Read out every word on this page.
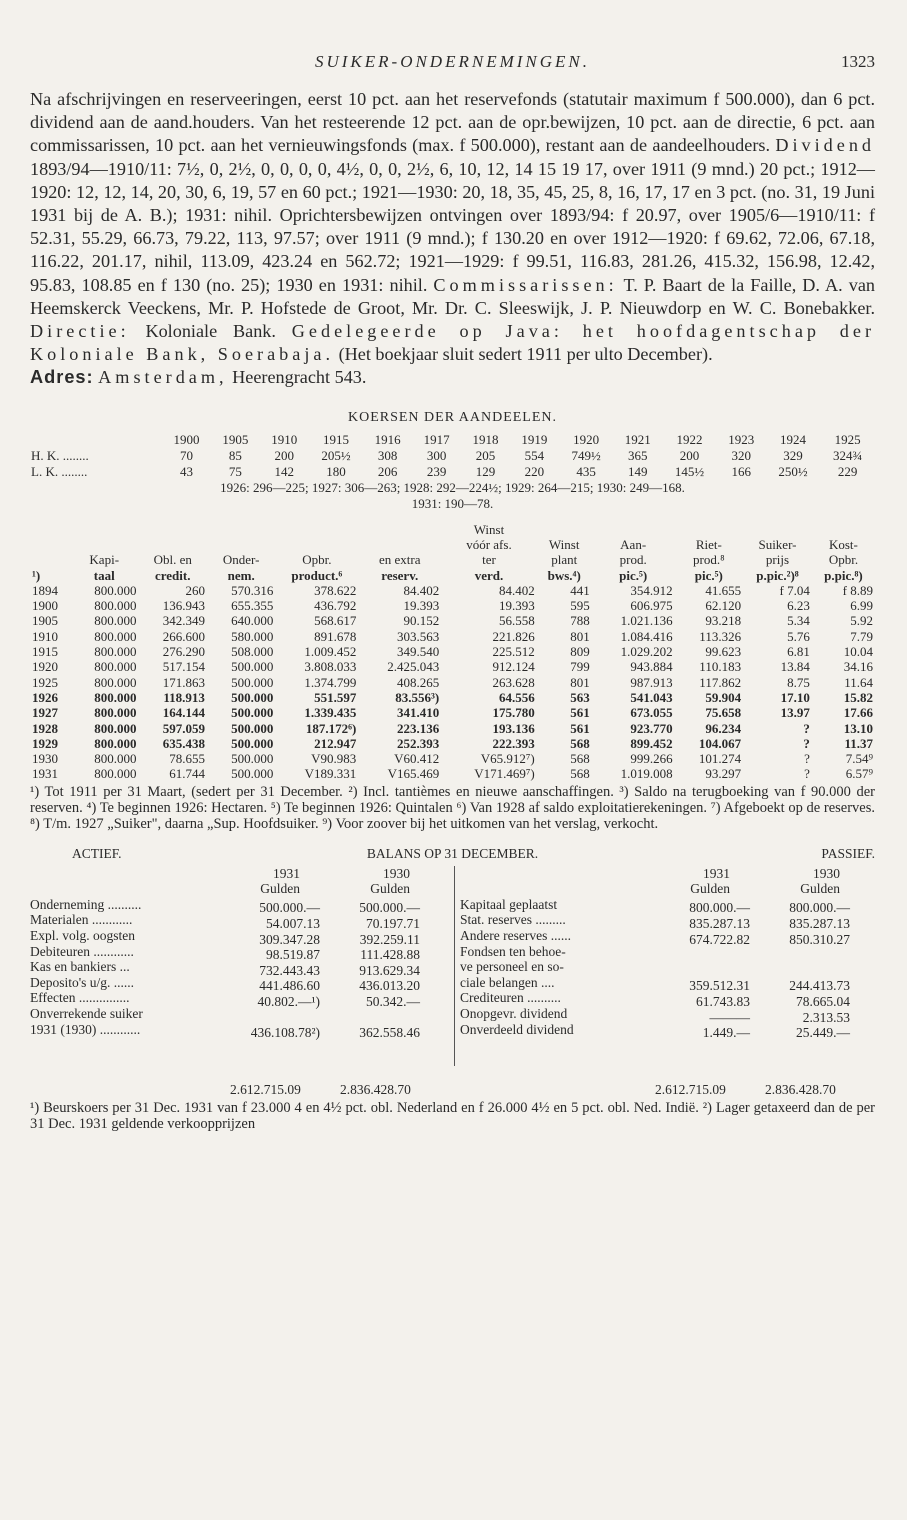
SUIKER-ONDERNEMINGEN.	1323
Na afschrijvingen en reserveeringen, eerst 10 pct. aan het reservefonds (statutair maximum f 500.000), dan 6 pct. dividend aan de aand.houders. Van het resteerende 12 pct. aan de opr.bewijzen, 10 pct. aan de directie, 6 pct. aan commissarissen, 10 pct. aan het vernieuwingsfonds (max. f 500.000), restant aan de aandeelhouders. Dividend 1893/94—1910/11: 7½, 0, 2½, 0, 0, 0, 0, 4½, 0, 0, 2½, 6, 10, 12, 14 15 19 17, over 1911 (9 mnd.) 20 pct.; 1912—1920: 12, 12, 14, 20, 30, 6, 19, 57 en 60 pct.; 1921—1930: 20, 18, 35, 45, 25, 8, 16, 17, 17 en 3 pct. (no. 31, 19 Juni 1931 bij de A. B.); 1931: nihil. Oprichtersbewijzen ontvingen over 1893/94: f 20.97, over 1905/6—1910/11: f 52.31, 55.29, 66.73, 79.22, 113, 97.57; over 1911 (9 mnd.); f 130.20 en over 1912—1920: f 69.62, 72.06, 67.18, 116.22, 201.17, nihil, 113.09, 423.24 en 562.72; 1921—1929: f 99.51, 116.83, 281.26, 415.32, 156.98, 12.42, 95.83, 108.85 en f 130 (no. 25); 1930 en 1931: nihil. Commissarissen: T. P. Baart de la Faille, D. A. van Heemskerck Veeckens, Mr. P. Hofstede de Groot, Mr. Dr. C. Sleeswijk, J. P. Nieuwdorp en W. C. Bonebakker. Directie: Koloniale Bank. Gedelegeerde op Java: het hoofdagentschap der Koloniale Bank, Soerabaja. (Het boekjaar sluit sedert 1911 per ulto December).
Adres: Amsterdam, Heerengracht 543.
KOERSEN DER AANDEELEN.
	1900	1905	1910	1915	1916	1917	1918	1919	1920	1921	1922	1923	1924	1925
H. K. ........	70	85	200	205½	308	300	205	554	749½	365	200	320	329	324¾
L. K. ........	43	75	142	180	206	239	129	220	435	149	145½	166	250½	229
1926: 296—225; 1927: 306—263; 1928: 292—224½; 1929: 264—215; 1930: 249—168.
1931: 190—78.
						Winst					
						vóór afs.	Winst	Aan-	Riet-	Suiker-	Kost-
	Kapi-	Obl. en	Onder-	Opbr.	en extra	ter	plant	prod.	prod.⁸	prijs	Opbr.
¹)	taal	credit.	nem.	product.⁶	reserv.	verd.	bws.⁴)	pic.⁵)	pic.⁵)	p.pic.²)⁸	p.pic.⁸)
1894	800.000	260	570.316	378.622	84.402	84.402	441	354.912	41.655	f 7.04	f 8.89
1900	800.000	136.943	655.355	436.792	19.393	19.393	595	606.975	62.120	6.23	6.99
1905	800.000	342.349	640.000	568.617	90.152	56.558	788	1.021.136	93.218	5.34	5.92
1910	800.000	266.600	580.000	891.678	303.563	221.826	801	1.084.416	113.326	5.76	7.79
1915	800.000	276.290	508.000	1.009.452	349.540	225.512	809	1.029.202	99.623	6.81	10.04
1920	800.000	517.154	500.000	3.808.033	2.425.043	912.124	799	943.884	110.183	13.84	34.16
1925	800.000	171.863	500.000	1.374.799	408.265	263.628	801	987.913	117.862	8.75	11.64
1926	800.000	118.913	500.000	551.597	83.556³)	64.556	563	541.043	59.904	17.10	15.82
1927	800.000	164.144	500.000	1.339.435	341.410	175.780	561	673.055	75.658	13.97	17.66
1928	800.000	597.059	500.000	187.172⁶)	223.136	193.136	561	923.770	96.234	?	13.10
1929	800.000	635.438	500.000	212.947	252.393	222.393	568	899.452	104.067	?	11.37
1930	800.000	78.655	500.000	V90.983	V60.412	V65.912⁷)	568	999.266	101.274	?	7.54⁹
1931	800.000	61.744	500.000	V189.331	V165.469	V171.469⁷)	568	1.019.008	93.297	?	6.57⁹
¹) Tot 1911 per 31 Maart, (sedert per 31 December. ²) Incl. tantièmes en nieuwe aanschaffingen. ³) Saldo na terugboeking van f 90.000 der reserven. ⁴) Te beginnen 1926: Hectaren. ⁵) Te beginnen 1926: Quintalen ⁶) Van 1928 af saldo exploitatierekeningen. ⁷) Afgeboekt op de reserves. ⁸) T/m. 1927 „Suiker", daarna „Sup. Hoofdsuiker. ⁹) Voor zoover bij het uitkomen van het verslag, verkocht.
ACTIEF.	BALANS OP 31 DECEMBER.	PASSIEF.
1931	1930
Gulden	Gulden
Onderneming ..........	500.000.—	500.000.—
Materialen ............	54.007.13	70.197.71
Expl. volg. oogsten	309.347.28	392.259.11
Debiteuren ............	98.519.87	111.428.88
Kas en bankiers ...	732.443.43	913.629.34
Deposito's u/g. ......	441.486.60	436.013.20
Effecten ...............	40.802.—¹)	50.342.—
Onverrekende suiker
1931 (1930) ............	436.108.78²)	362.558.46
1931	1930
Gulden	Gulden
Kapitaal geplaatst	800.000.—	800.000.—
Stat. reserves .........	835.287.13	835.287.13
Andere reserves ......	674.722.82	850.310.27
Fondsen ten behoe-
ve personeel en so-
ciale belangen ....	359.512.31	244.413.73
Crediteuren ..........	61.743.83	78.665.04
Onopgevr. dividend	———	2.313.53
Onverdeeld dividend	1.449.—	25.449.—
2.612.715.09	2.836.428.70	2.612.715.09	2.836.428.70
¹) Beurskoers per 31 Dec. 1931 van f 23.000 4 en 4½ pct. obl. Nederland en f 26.000 4½ en 5 pct. obl. Ned. Indië. ²) Lager getaxeerd dan de per 31 Dec. 1931 geldende verkoopprijzen
